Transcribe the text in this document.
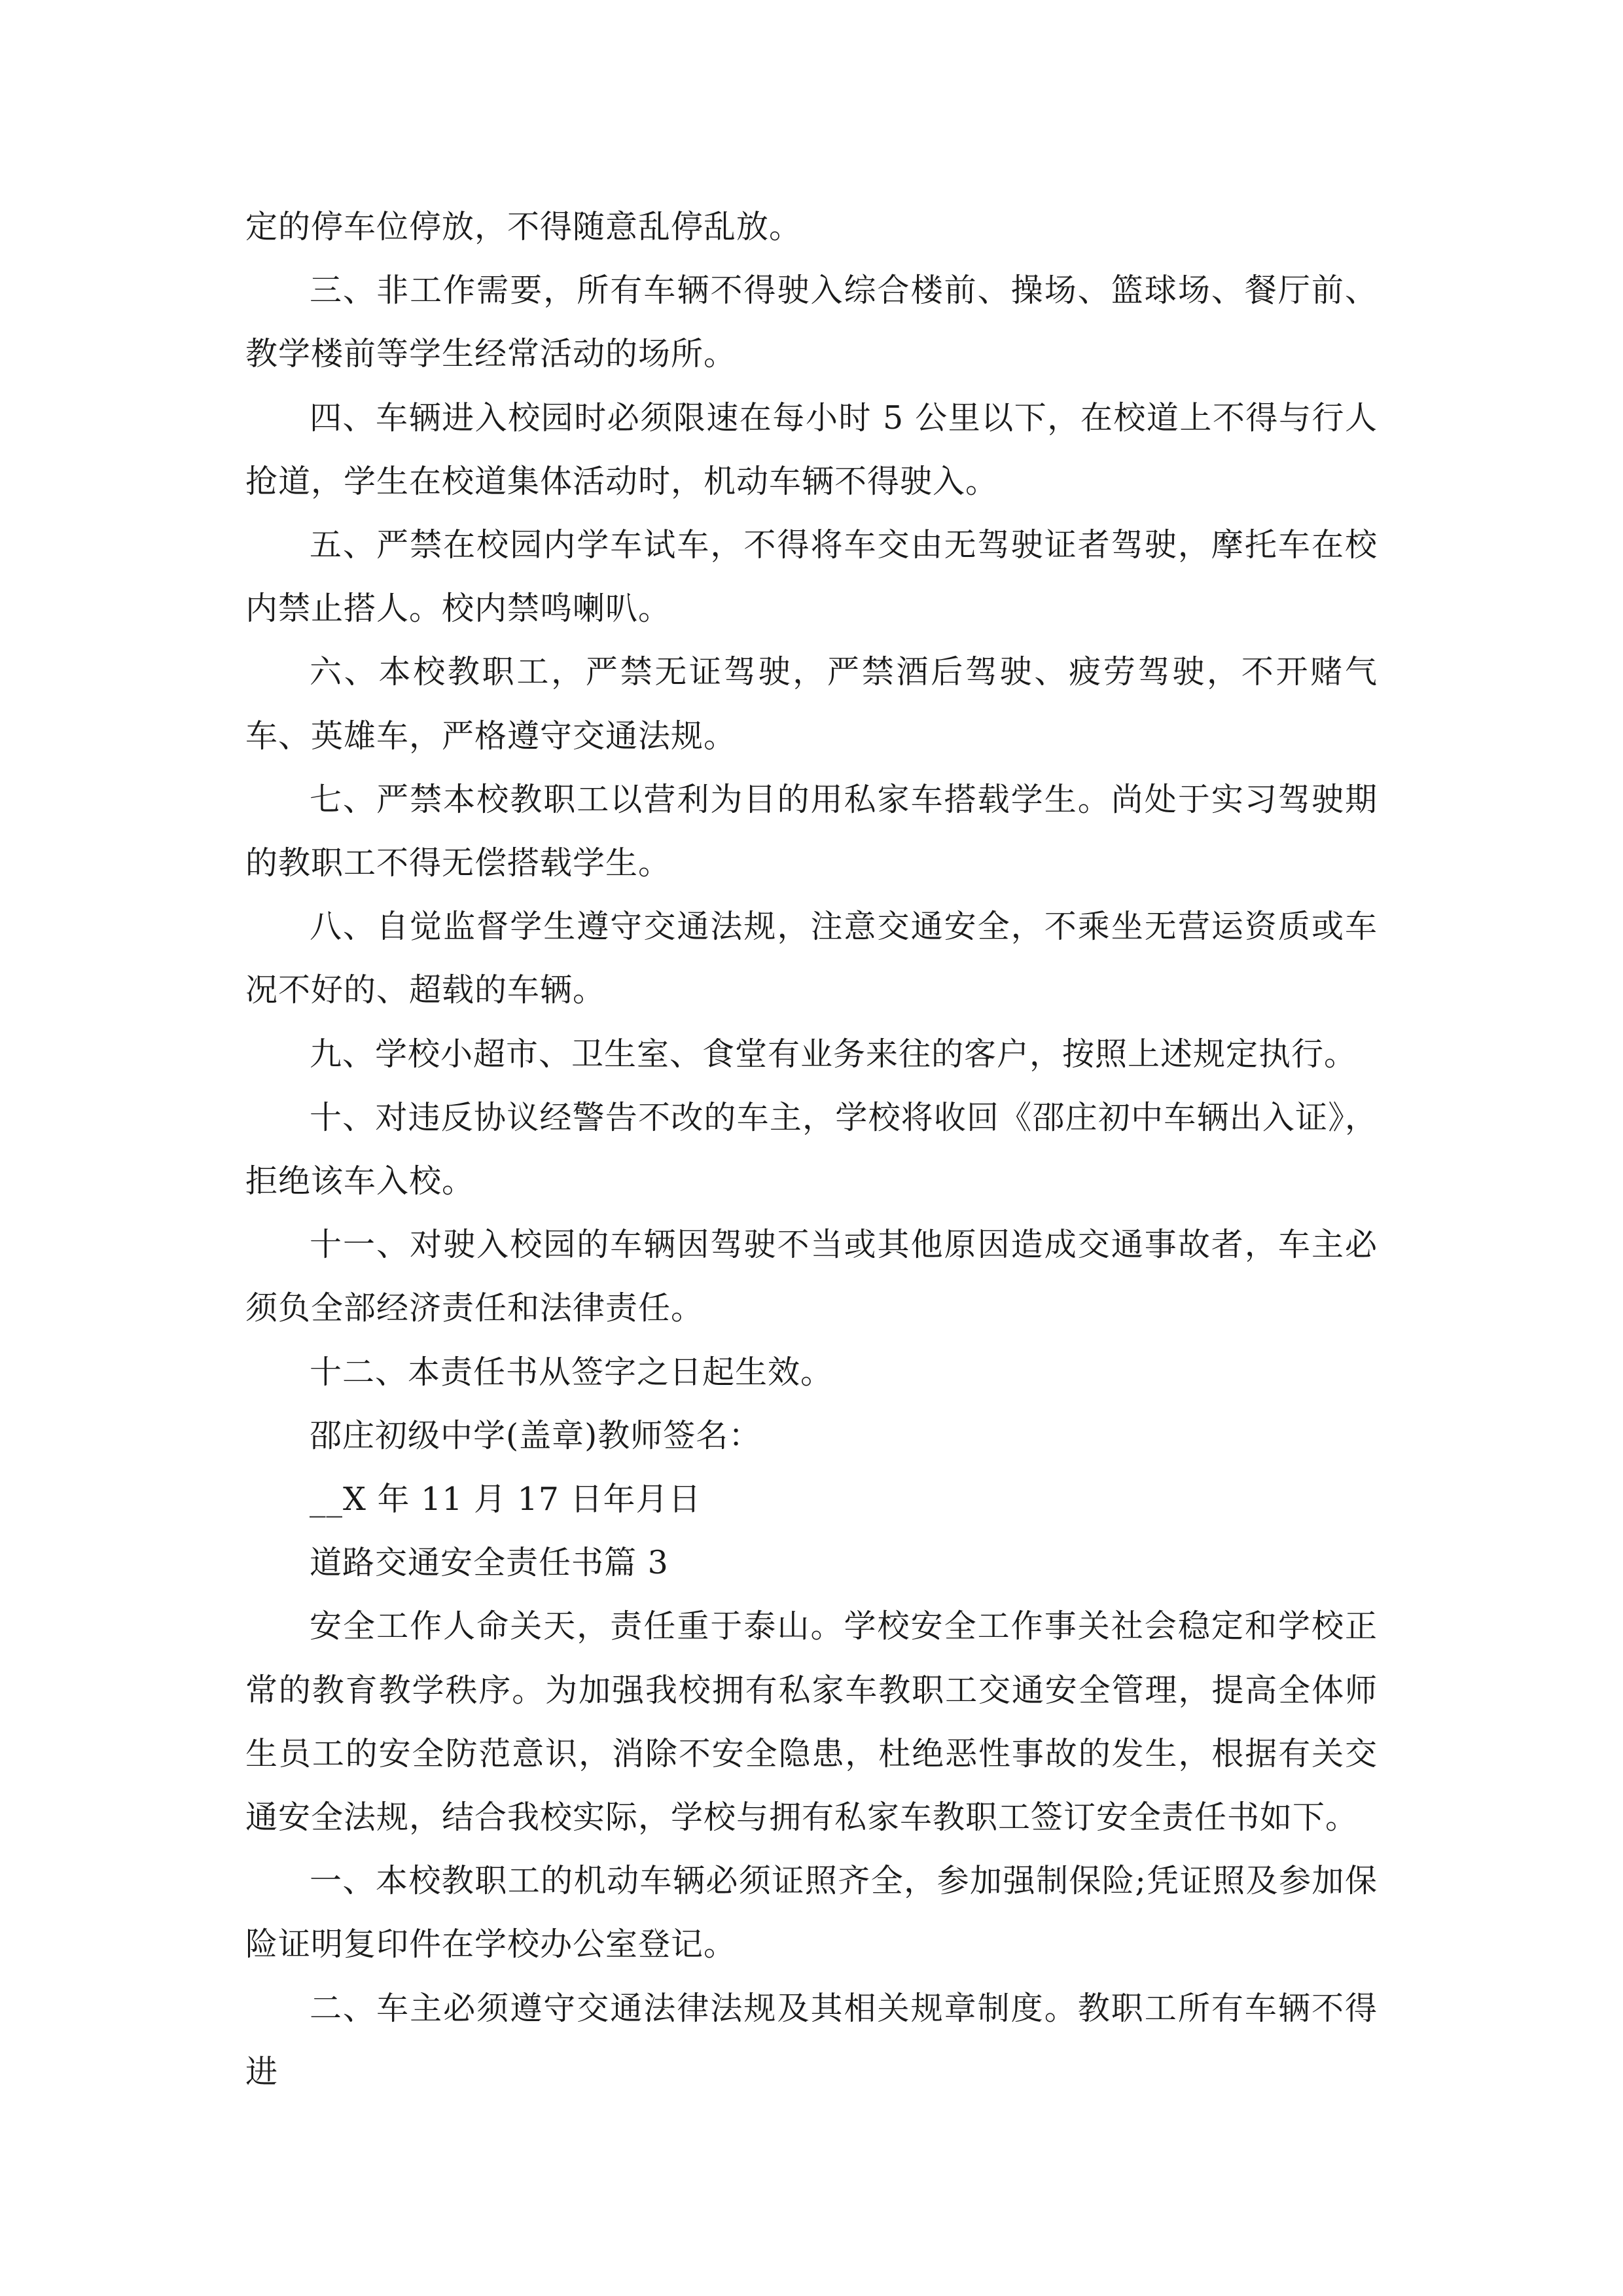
定的停车位停放，不得随意乱停乱放。

三、非工作需要，所有车辆不得驶入综合楼前、操场、篮球场、餐厅前、教学楼前等学生经常活动的场所。

四、车辆进入校园时必须限速在每小时 5 公里以下，在校道上不得与行人抢道，学生在校道集体活动时，机动车辆不得驶入。

五、严禁在校园内学车试车，不得将车交由无驾驶证者驾驶，摩托车在校内禁止搭人。校内禁鸣喇叭。

六、本校教职工，严禁无证驾驶，严禁酒后驾驶、疲劳驾驶，不开赌气车、英雄车，严格遵守交通法规。

七、严禁本校教职工以营利为目的用私家车搭载学生。尚处于实习驾驶期的教职工不得无偿搭载学生。

八、自觉监督学生遵守交通法规，注意交通安全，不乘坐无营运资质或车况不好的、超载的车辆。

九、学校小超市、卫生室、食堂有业务来往的客户，按照上述规定执行。

十、对违反协议经警告不改的车主，学校将收回《邵庄初中车辆出入证》，拒绝该车入校。

十一、对驶入校园的车辆因驾驶不当或其他原因造成交通事故者，车主必须负全部经济责任和法律责任。

十二、本责任书从签字之日起生效。

邵庄初级中学(盖章)教师签名：

__X 年 11 月 17 日年月日

道路交通安全责任书篇 3

安全工作人命关天，责任重于泰山。学校安全工作事关社会稳定和学校正常的教育教学秩序。为加强我校拥有私家车教职工交通安全管理，提高全体师生员工的安全防范意识，消除不安全隐患，杜绝恶性事故的发生，根据有关交通安全法规，结合我校实际，学校与拥有私家车教职工签订安全责任书如下。

一、本校教职工的机动车辆必须证照齐全，参加强制保险;凭证照及参加保险证明复印件在学校办公室登记。

二、车主必须遵守交通法律法规及其相关规章制度。教职工所有车辆不得进
